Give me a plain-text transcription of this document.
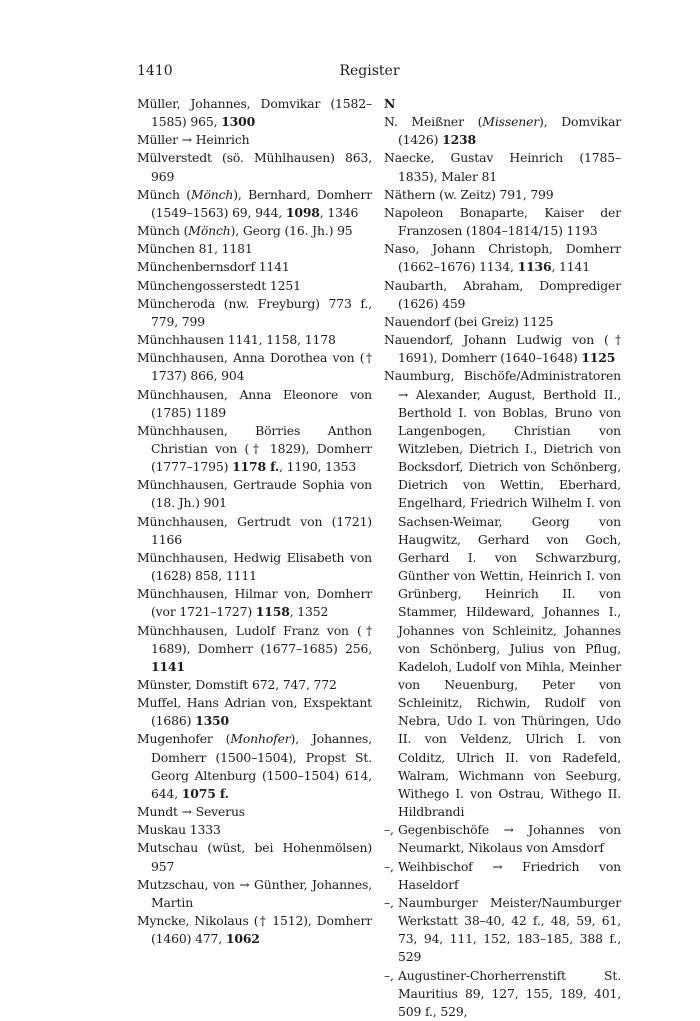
1410	Register
Müller, Johannes, Domvikar (1582–1585) 965, 1300
Müller → Heinrich
Mülverstedt (sö. Mühlhausen) 863, 969
Münch (Mönch), Bernhard, Domherr (1549–1563) 69, 944, 1098, 1346
Münch (Mönch), Georg (16. Jh.) 95
München 81, 1181
Münchenbernsdorf 1141
Münchengosserstedt 1251
Müncheroda (nw. Freyburg) 773 f., 779, 799
Münchhausen 1141, 1158, 1178
Münchhausen, Anna Dorothea von († 1737) 866, 904
Münchhausen, Anna Eleonore von (1785) 1189
Münchhausen, Börries Anthon Christian von († 1829), Domherr (1777–1795) 1178 f., 1190, 1353
Münchhausen, Gertraude Sophia von (18. Jh.) 901
Münchhausen, Gertrudt von (1721) 1166
Münchhausen, Hedwig Elisabeth von (1628) 858, 1111
Münchhausen, Hilmar von, Domherr (vor 1721–1727) 1158, 1352
Münchhausen, Ludolf Franz von († 1689), Domherr (1677–1685) 256, 1141
Münster, Domstift 672, 747, 772
Muffel, Hans Adrian von, Exspektant (1686) 1350
Mugenhofer (Monhofer), Johannes, Domherr (1500–1504), Propst St. Georg Altenburg (1500–1504) 614, 644, 1075 f.
Mundt → Severus
Muskau 1333
Mutschau (wüst, bei Hohenmölsen) 957
Mutzschau, von → Günther, Johannes, Martin
Myncke, Nikolaus († 1512), Domherr (1460) 477, 1062
N
N. Meißner (Missener), Domvikar (1426) 1238
Naecke, Gustav Heinrich (1785–1835), Maler 81
Näthern (w. Zeitz) 791, 799
Napoleon Bonaparte, Kaiser der Franzosen (1804–1814/15) 1193
Naso, Johann Christoph, Domherr (1662–1676) 1134, 1136, 1141
Naubarth, Abraham, Domprediger (1626) 459
Nauendorf (bei Greiz) 1125
Nauendorf, Johann Ludwig von († 1691), Domherr (1640–1648) 1125
Naumburg, Bischöfe/Administratoren → Alexander, August, Berthold II., Berthold I. von Boblas, Bruno von Langenbogen, Christian von Witzleben, Dietrich I., Dietrich von Bocksdorf, Dietrich von Schönberg, Dietrich von Wettin, Eberhard, Engelhard, Friedrich Wilhelm I. von Sachsen-Weimar, Georg von Haugwitz, Gerhard von Goch, Gerhard I. von Schwarzburg, Günther von Wettin, Heinrich I. von Grünberg, Heinrich II. von Stammer, Hildeward, Johannes I., Johannes von Schleinitz, Johannes von Schönberg, Julius von Pflug, Kadeloh, Ludolf von Mihla, Meinher von Neuenburg, Peter von Schleinitz, Richwin, Rudolf von Nebra, Udo I. von Thüringen, Udo II. von Veldenz, Ulrich I. von Colditz, Ulrich II. von Radefeld, Walram, Wichmann von Seeburg, Withego I. von Ostrau, Withego II. Hildbrandi
–, Gegenbischöfe → Johannes von Neumarkt, Nikolaus von Amsdorf
–, Weihbischof → Friedrich von Haseldorf
–, Naumburger Meister/Naumburger Werkstatt 38–40, 42 f., 48, 59, 61, 73, 94, 111, 152, 183–185, 388 f., 529
–, Augustiner-Chorherrenstift St. Mauritius 89, 127, 155, 189, 401, 509 f., 529,
